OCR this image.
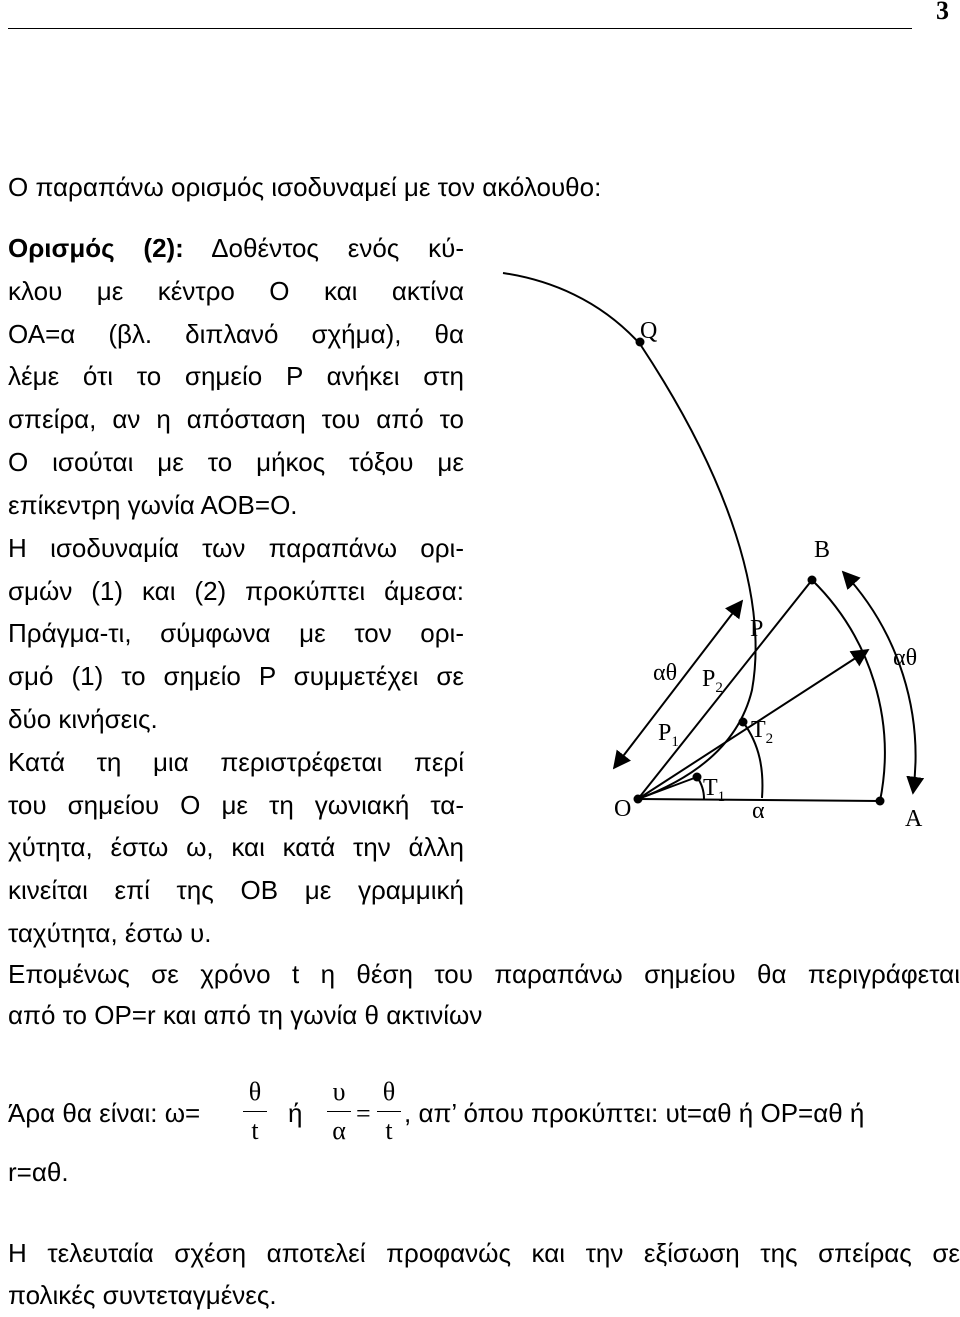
3
Ο παραπάνω ορισμός ισοδυναμεί με τον ακόλουθο:
Ορισμός (2): Δοθέντος ενός κύ-
κλου με κέντρο Ο και ακτίνα
ΟΑ=α (βλ. διπλανό σχήμα), θα
λέμε ότι το σημείο Ρ ανήκει στη
σπείρα, αν η απόσταση του από το
Ο ισούται με το μήκος τόξου με
επίκεντρη γωνία ΑΟΒ=Ο.
Η ισοδυναμία των παραπάνω ορι-
σμών (1) και (2) προκύπτει άμεσα:
Πράγμα-τι, σύμφωνα με τον ορι-
σμό (1) το σημείο Ρ συμμετέχει σε
δύο κινήσεις.
Κατά τη μια περιστρέφεται περί
του σημείου Ο με τη γωνιακή τα-
χύτητα, έστω ω, και κατά την άλλη
κινείται επί της ΟΒ με γραμμική
ταχύτητα, έστω υ.
Επομένως σε χρόνο t η θέση του παραπάνω σημείου θα περιγράφεται
από το ΟΡ=r και από τη γωνία θ ακτινίων
Άρα θα είναι: ω=
θ
t
ή
υ
α
=
θ
t
, απ’ όπου προκύπτει: υt=αθ ή ΟΡ=αθ ή
r=αθ.
Η τελευταία σχέση αποτελεί προφανώς και την εξίσωση της σπείρας σε
πολικές συντεταγμένες.
Q
B
P
$P_2$
$P_1$	$T_2$
$T_1$
O	A
α
αθ
αθ
